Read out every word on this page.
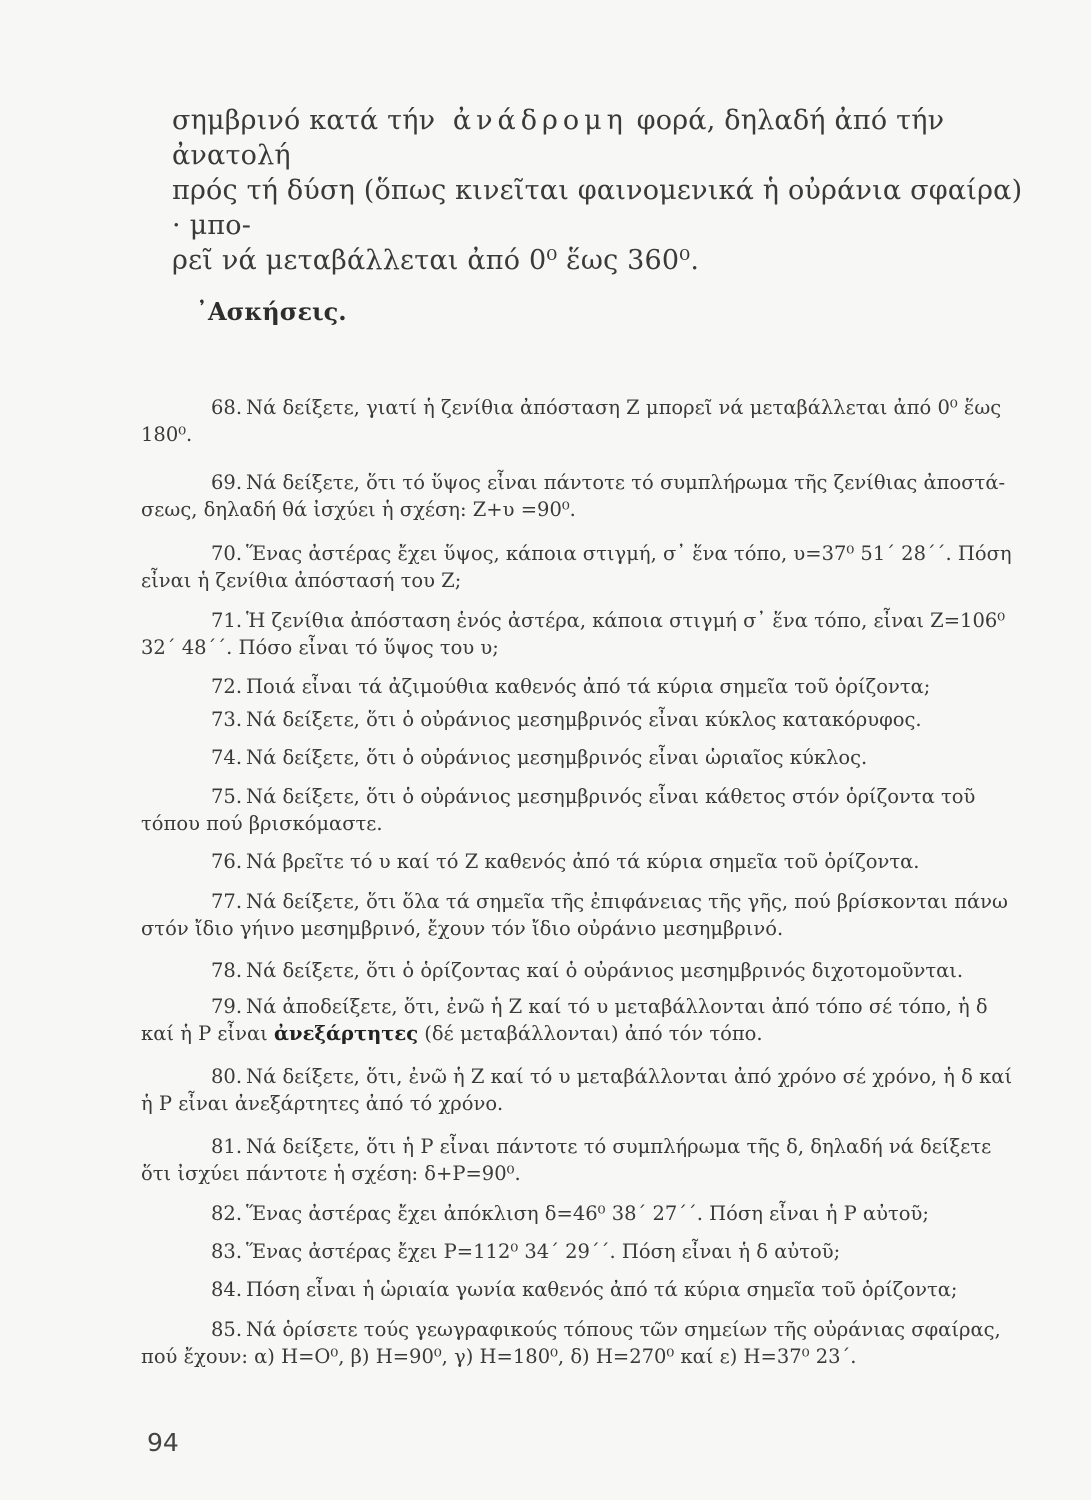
σημβρινό κατά τήν ἀνάδρομη φορά, δηλαδή ἀπό τήν ἀνατολή

πρός τή δύση (ὅπως κινεῖται φαινομενικά ἡ οὐράνια σφαίρα) · μπο-

ρεῖ νά μεταβάλλεται ἀπό 0⁰ ἕως 360⁰.

᾿Ασκήσεις.

68. Νά δείξετε, γιατί ἡ ζενίθια ἀπόσταση Ζ μπορεῖ νά μεταβάλλεται ἀπό 0⁰ ἕως 180⁰.

69. Νά δείξετε, ὅτι τό ὕψος εἶναι πάντοτε τό συμπλήρωμα τῆς ζενίθιας ἀποστά-σεως, δηλαδή θά ἰσχύει ἡ σχέση: Ζ+υ =90⁰.

70. Ἕνας ἀστέρας ἔχει ὕψος, κάποια στιγμή, σ᾿ ἕνα τόπο, υ=37⁰ 51΄ 28΄΄. Πόση εἶναι ἡ ζενίθια ἀπόστασή του Ζ;

71. Ἡ ζενίθια ἀπόσταση ἑνός ἀστέρα, κάποια στιγμή σ᾿ ἕνα τόπο, εἶναι Ζ=106⁰ 32΄ 48΄΄. Πόσο εἶναι τό ὕψος του υ;

72. Ποιά εἶναι τά ἀζιμούθια καθενός ἀπό τά κύρια σημεῖα τοῦ ὁρίζοντα;

73. Νά δείξετε, ὅτι ὁ οὐράνιος μεσημβρινός εἶναι κύκλος κατακόρυφος.

74. Νά δείξετε, ὅτι ὁ οὐράνιος μεσημβρινός εἶναι ὡριαῖος κύκλος.

75. Νά δείξετε, ὅτι ὁ οὐράνιος μεσημβρινός εἶναι κάθετος στόν ὁρίζοντα τοῦ τόπου πού βρισκόμαστε.

76. Νά βρεῖτε τό υ καί τό Ζ καθενός ἀπό τά κύρια σημεῖα τοῦ ὁρίζοντα.

77. Νά δείξετε, ὅτι ὅλα τά σημεῖα τῆς ἐπιφάνειας τῆς γῆς, πού βρίσκονται πάνω στόν ἴδιο γήινο μεσημβρινό, ἔχουν τόν ἴδιο οὐράνιο μεσημβρινό.

78. Νά δείξετε, ὅτι ὁ ὁρίζοντας καί ὁ οὐράνιος μεσημβρινός διχοτομοῦνται.

79. Νά ἀποδείξετε, ὅτι, ἐνῶ ἡ Ζ καί τό υ μεταβάλλονται ἀπό τόπο σέ τόπο, ἡ δ καί ἡ Ρ εἶναι ἀνεξάρτητες (δέ μεταβάλλονται) ἀπό τόν τόπο.

80. Νά δείξετε, ὅτι, ἐνῶ ἡ Ζ καί τό υ μεταβάλλονται ἀπό χρόνο σέ χρόνο, ἡ δ καί ἡ Ρ εἶναι ἀνεξάρτητες ἀπό τό χρόνο.

81. Νά δείξετε, ὅτι ἡ Ρ εἶναι πάντοτε τό συμπλήρωμα τῆς δ, δηλαδή νά δείξετε ὅτι ἰσχύει πάντοτε ἡ σχέση: δ+Ρ=90⁰.

82. Ἕνας ἀστέρας ἔχει ἀπόκλιση δ=46⁰ 38΄ 27΄΄. Πόση εἶναι ἡ Ρ αὐτοῦ;

83. Ἕνας ἀστέρας ἔχει Ρ=112⁰ 34΄ 29΄΄. Πόση εἶναι ἡ δ αὐτοῦ;

84. Πόση εἶναι ἡ ὡριαία γωνία καθενός ἀπό τά κύρια σημεῖα τοῦ ὁρίζοντα;

85. Νά ὁρίσετε τούς γεωγραφικούς τόπους τῶν σημείων τῆς οὐράνιας σφαίρας, πού ἔχουν: α) Η=Ο⁰, β) Η=90⁰, γ) Η=180⁰, δ) Η=270⁰ καί ε) Η=37⁰ 23΄.

94
